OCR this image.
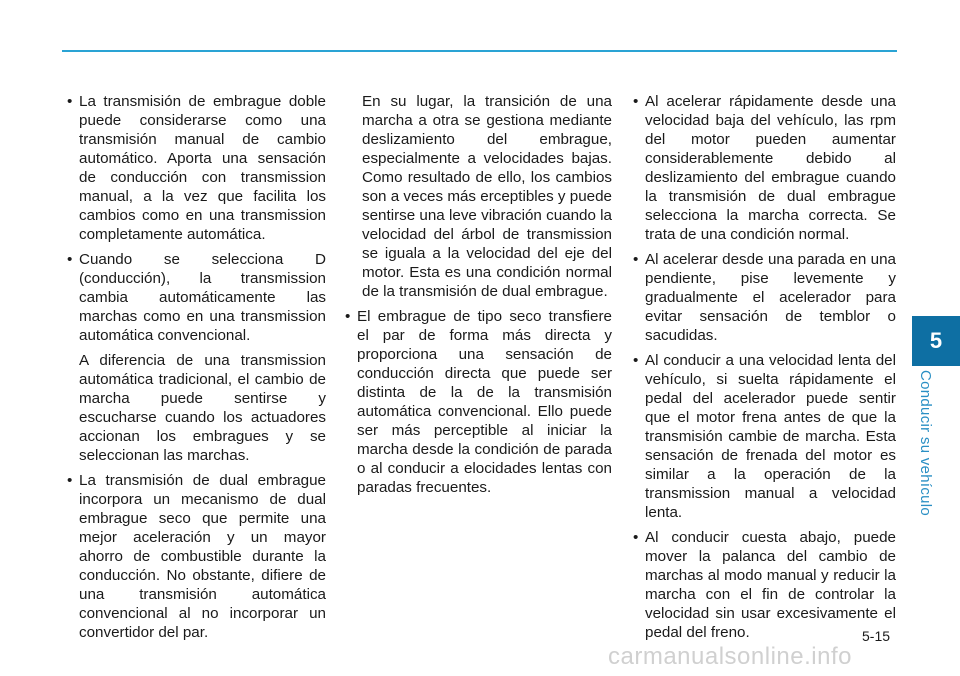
5
Conducir su vehículo
• La transmisión de embrague doble puede considerarse como una transmisión manual de cambio automático. Aporta una sensación de conducción con transmission manual, a la vez que facilita los cambios como en una transmission completamente automática.
• Cuando se selecciona D (conducción), la transmission cambia automáticamente las marchas como en una transmission automática convencional.

A diferencia de una transmission automática tradicional, el cambio de marcha puede sentirse y escucharse cuando los actuadores accionan los embragues y se seleccionan las marchas.

• La transmisión de dual embrague incorpora un mecanismo de dual embrague seco que permite una mejor aceleración y un mayor ahorro de combustible durante la conducción. No obstante, difiere de una transmisión automática convencional al no incorporar un convertidor del par.

En su lugar, la transición de una marcha a otra se gestiona mediante deslizamiento del embrague, especialmente a velocidades bajas. Como resultado de ello, los cambios son a veces más erceptibles y puede sentirse una leve vibración cuando la velocidad del árbol de transmission se iguala a la velocidad del eje del motor. Esta es una condición normal de la transmisión de dual embrague.

• El embrague de tipo seco transfiere el par de forma más directa y proporciona una sensación de conducción directa que puede ser distinta de la de la transmisión automática convencional. Ello puede ser más perceptible al iniciar la marcha desde la condición de parada o al conducir a elocidades lentas con paradas frecuentes.
• Al acelerar rápidamente desde una velocidad baja del vehículo, las rpm del motor pueden aumentar considerablemente debido al deslizamiento del embrague cuando la transmisión de dual embrague selecciona la marcha correcta. Se trata de una condición normal.
• Al acelerar desde una parada en una pendiente, pise levemente y gradualmente el acelerador para evitar sensación de temblor o sacudidas.
• Al conducir a una velocidad lenta del vehículo, si suelta rápidamente el pedal del acelerador puede sentir que el motor frena antes de que la transmisión cambie de marcha. Esta sensación de frenada del motor es similar a la operación de la transmission manual a velocidad lenta.
• Al conducir cuesta abajo, puede mover la palanca del cambio de marchas al modo manual y reducir la marcha con el fin de controlar la velocidad sin usar excesivamente el pedal del freno.	5-15
carmanualsonline.info
